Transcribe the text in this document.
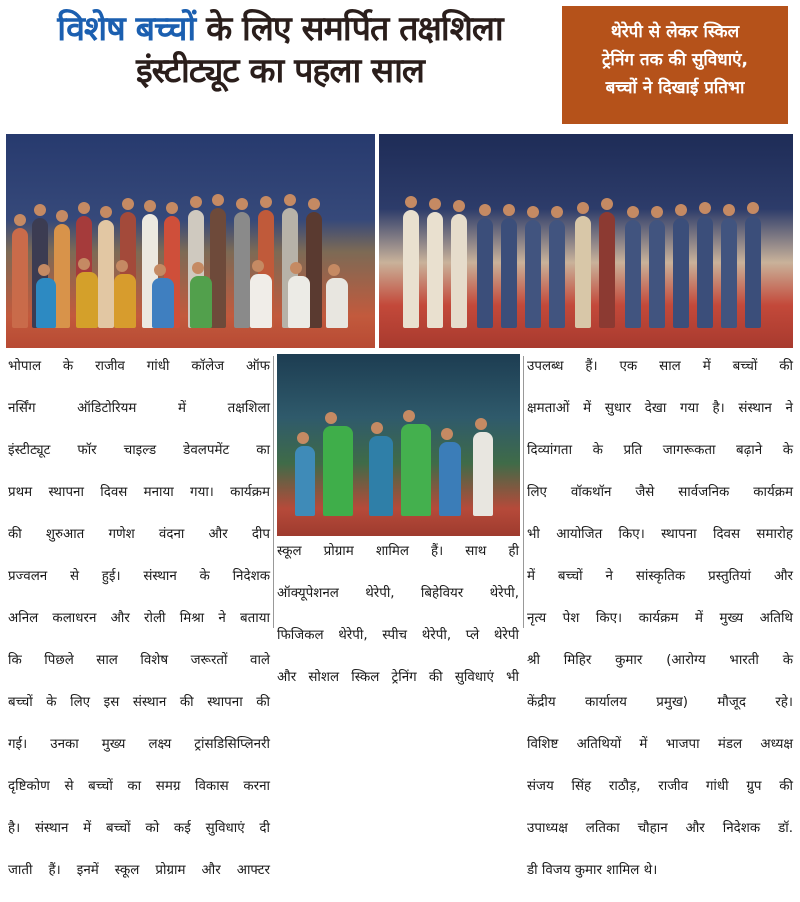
विशेष बच्चों के लिए समर्पित तक्षशिला
इंस्टीट्यूट का पहला साल
थेरेपी से लेकर स्किल
ट्रेनिंग तक की सुविधाएं,
बच्चों ने दिखाई प्रतिभा

भोपाल के राजीव गांधी कॉलेज ऑफ

नर्सिंग ऑडिटोरियम में तक्षशिला

इंस्टीट्यूट फॉर चाइल्ड डेवलपमेंट का

प्रथम स्थापना दिवस मनाया गया। कार्यक्रम

की शुरुआत गणेश वंदना और दीप

प्रज्वलन से हुई। संस्थान के निदेशक

अनिल कलाधरन और रोली मिश्रा ने बताया

कि पिछले साल विशेष जरूरतों वाले

बच्चों के लिए इस संस्थान की स्थापना की

गई। उनका मुख्य लक्ष्य ट्रांसडिसिप्लिनरी

दृष्टिकोण से बच्चों का समग्र विकास करना

है। संस्थान में बच्चों को कई सुविधाएं दी

जाती हैं। इनमें स्कूल प्रोग्राम और आफ्टर

स्कूल प्रोग्राम शामिल हैं। साथ ही

ऑक्यूपेशनल थेरेपी, बिहेवियर थेरेपी,

फिजिकल थेरेपी, स्पीच थेरेपी, प्ले थेरेपी

और सोशल स्किल ट्रेनिंग की सुविधाएं भी

उपलब्ध हैं। एक साल में बच्चों की

क्षमताओं में सुधार देखा गया है। संस्थान ने

दिव्यांगता के प्रति जागरूकता बढ़ाने के

लिए वॉकथॉन जैसे सार्वजनिक कार्यक्रम

भी आयोजित किए। स्थापना दिवस समारोह

में बच्चों ने सांस्कृतिक प्रस्तुतियां और

नृत्य पेश किए। कार्यक्रम में मुख्य अतिथि

श्री मिहिर कुमार (आरोग्य भारती के

केंद्रीय कार्यालय प्रमुख) मौजूद रहे।

विशिष्ट अतिथियों में भाजपा मंडल अध्यक्ष

संजय सिंह राठौड़, राजीव गांधी ग्रुप की

उपाध्यक्ष लतिका चौहान और निदेशक डॉ.

डी विजय कुमार शामिल थे।
